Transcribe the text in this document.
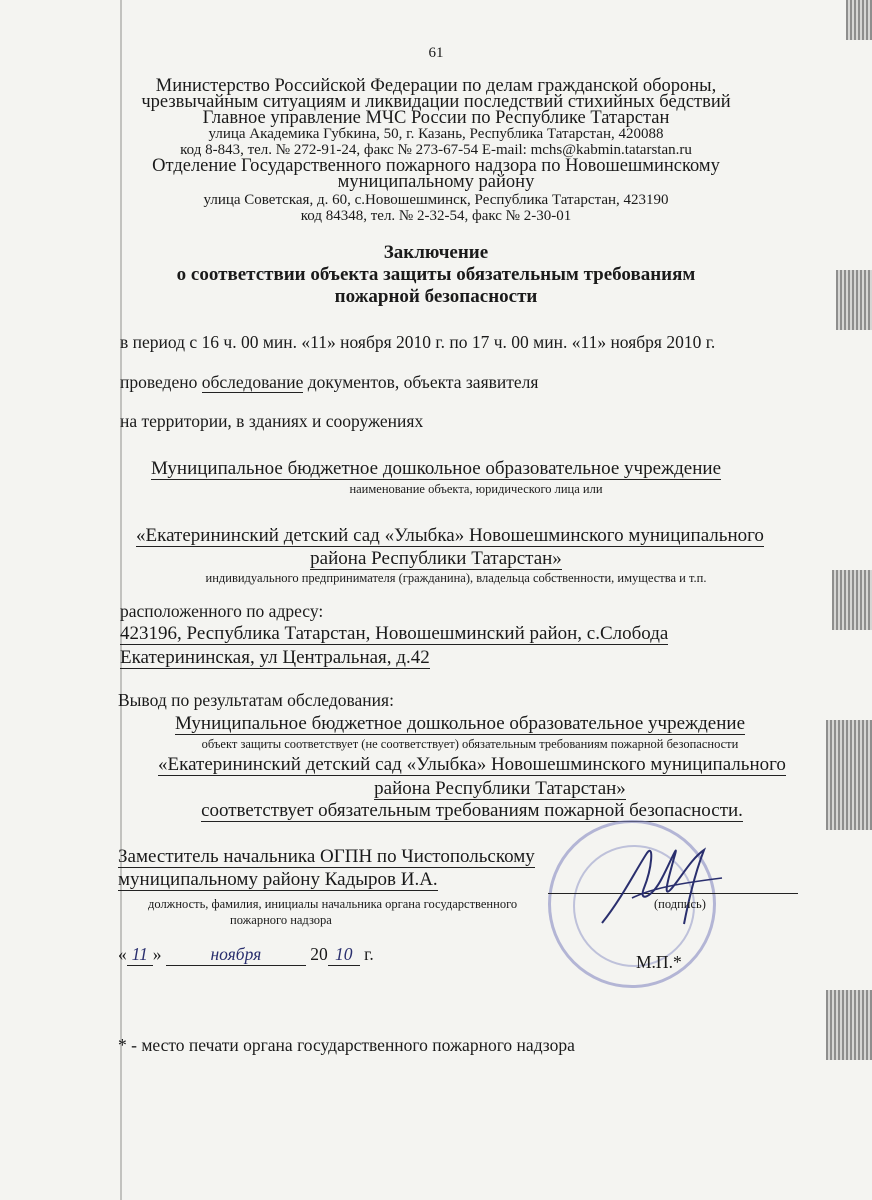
61
Министерство Российской Федерации по делам гражданской обороны,
чрезвычайным ситуациям и ликвидации последствий стихийных бедствий
Главное управление МЧС России по Республике Татарстан
улица Академика Губкина, 50, г. Казань, Республика Татарстан, 420088
код 8-843, тел. № 272-91-24, факс № 273-67-54 E-mail: mchs@kabmin.tatarstan.ru
Отделение Государственного пожарного надзора по Новошешминскому
муниципальному району
улица Советская, д. 60, с.Новошешминск, Республика Татарстан, 423190
код 84348, тел. № 2-32-54, факс № 2-30-01
Заключение
о соответствии объекта защиты обязательным требованиям
пожарной безопасности
в период с 16 ч. 00 мин. «11» ноября 2010 г. по 17 ч. 00 мин. «11» ноября 2010 г.
проведено обследование документов, объекта заявителя
на территории, в зданиях и сооружениях
Муниципальное бюджетное дошкольное образовательное учреждение
наименование объекта, юридического лица или
«Екатерининский детский сад «Улыбка» Новошешминского муниципального
района Республики Татарстан»
индивидуального предпринимателя (гражданина), владельца собственности, имущества и т.п.
расположенного по адресу:
423196, Республика Татарстан, Новошешминский район, с.Слобода
Екатерининская, ул Центральная, д.42
Вывод по результатам обследования:
Муниципальное бюджетное дошкольное образовательное учреждение
объект защиты соответствует (не соответствует) обязательным требованиям пожарной безопасности
«Екатерининский детский сад «Улыбка» Новошешминского муниципального
района Республики Татарстан»
соответствует обязательным требованиям пожарной безопасности.
Заместитель начальника ОГПН по Чистопольскому
муниципальному району Кадыров И.А.
должность, фамилия, инициалы начальника органа государственного
пожарного надзора
(подпись)
« 11 »	ноября	20 10 г.	М.П.*
* - место печати органа государственного пожарного надзора
